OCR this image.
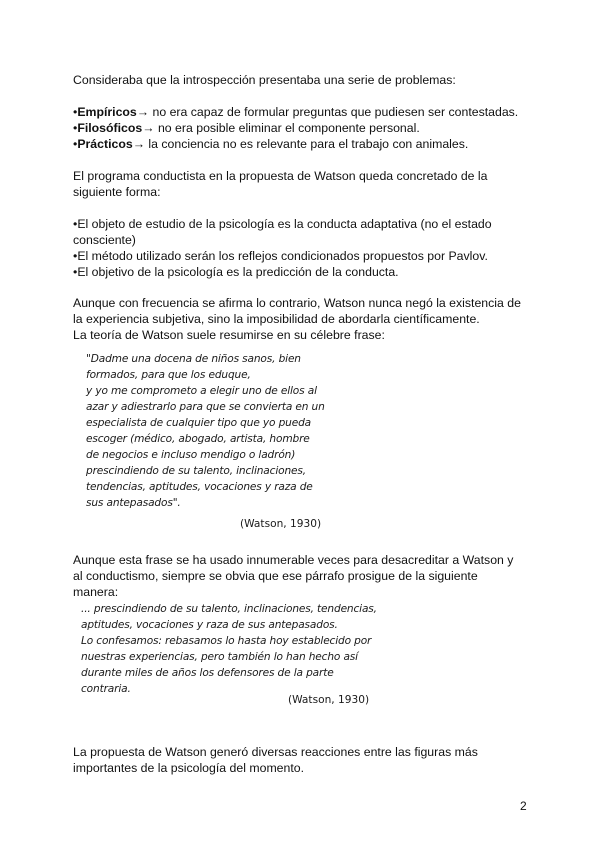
Consideraba que la introspección presentaba una serie de problemas:

•Empíricos→ no era capaz de formular preguntas que pudiesen ser contestadas.
•Filosóficos→ no era posible eliminar el componente personal.
•Prácticos→ la conciencia no es relevante para el trabajo con animales.

El programa conductista en la propuesta de Watson queda concretado de la
siguiente forma:

•El objeto de estudio de la psicología es la conducta adaptativa (no el estado
consciente)
•El método utilizado serán los reflejos condicionados propuestos por Pavlov.
•El objetivo de la psicología es la predicción de la conducta.

Aunque con frecuencia se afirma lo contrario, Watson nunca negó la existencia de
la experiencia subjetiva, sino la imposibilidad de abordarla científicamente.
La teoría de Watson suele resumirse en su célebre frase:

"Dadme una docena de niños sanos, bien
formados, para que los eduque,
y yo me comprometo a elegir uno de ellos al
azar y adiestrarlo para que se convierta en un
especialista de cualquier tipo que yo pueda
escoger (médico, abogado, artista, hombre
de negocios e incluso mendigo o ladrón)
prescindiendo de su talento, inclinaciones,
tendencias, aptitudes, vocaciones y raza de
sus antepasados".
(Watson, 1930)

Aunque esta frase se ha usado innumerable veces para desacreditar a Watson y
al conductismo, siempre se obvia que ese párrafo prosigue de la siguiente
manera:

... prescindiendo de su talento, inclinaciones, tendencias,
aptitudes, vocaciones y raza de sus antepasados.
Lo confesamos: rebasamos lo hasta hoy establecido por
nuestras experiencias, pero también lo han hecho así
durante miles de años los defensores de la parte
contraria.
(Watson, 1930)

La propuesta de Watson generó diversas reacciones entre las figuras más
importantes de la psicología del momento.

2
